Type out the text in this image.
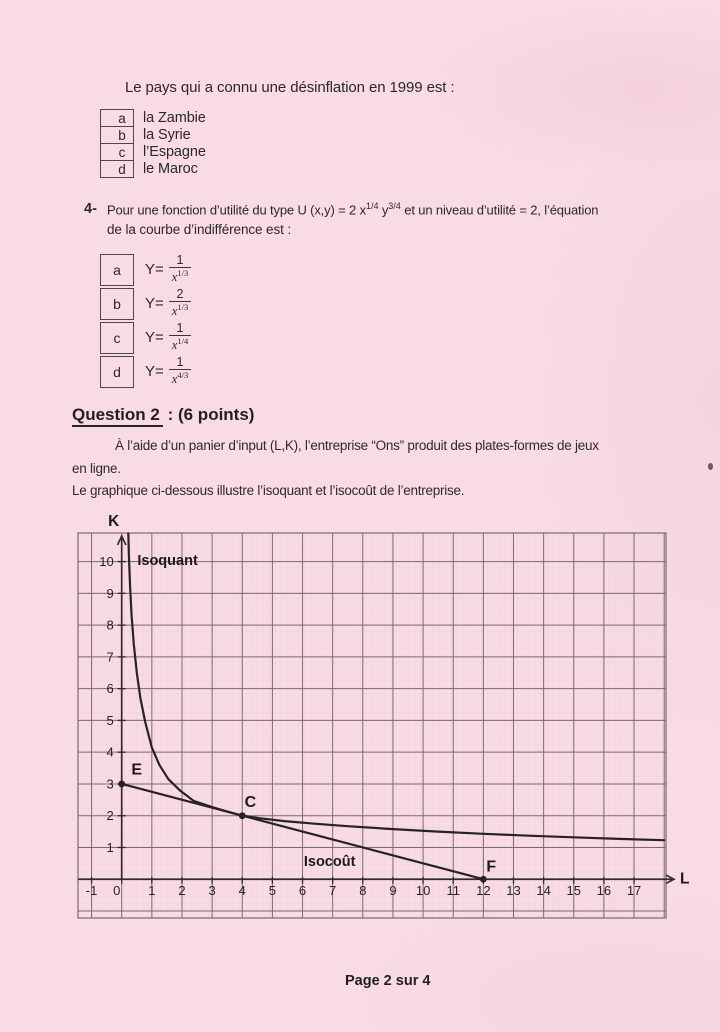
Le pays qui a connu une désinflation en 1999 est :
a	la Zambie
b	la Syrie
c	l’Espagne
d	le Maroc
4- Pour une fonction d’utilité du type U (x,y) = 2 $x^{1/4}$ $y^{3/4}$ et un niveau d’utilité = 2, l’équation
de la courbe d’indifférence est :
a	$Y= \frac{1}{x^{1/3}}$
b	$Y= \frac{2}{x^{1/3}}$
c	$Y= \frac{1}{x^{1/4}}$
d	$Y= \frac{1}{x^{4/3}}$
Question 2 : (6 points)
À l’aide d’un panier d’input (L,K), l’entreprise “Ons” produit des plates-formes de jeux
en ligne.
Le graphique ci-dessous illustre l’isoquant et l’isocoût de l’entreprise.
-1 0 1 2 3 4 5 6 7 8 9 10 11 12 13 14 15 16 17
1
2
3
4
5
6
7
8
9
10
E
C
F
Isoquant
Isocoût
K
L
Page 2 sur 4
